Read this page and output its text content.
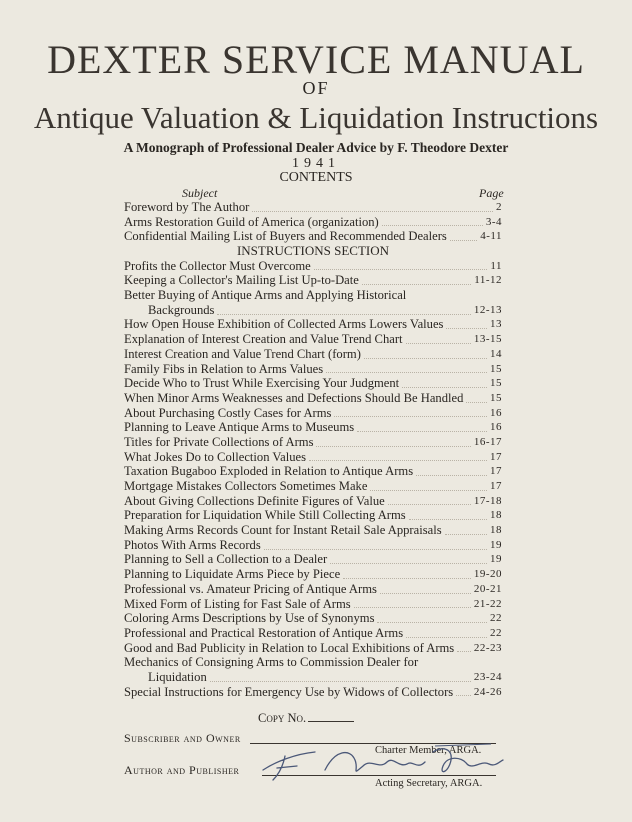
DEXTER SERVICE MANUAL
OF
Antique Valuation & Liquidation Instructions
A Monograph of Professional Dealer Advice by F. Theodore Dexter
1941
CONTENTS
Subject	Page
Foreword by The Author	2
Arms Restoration Guild of America (organization)	3-4
Confidential Mailing List of Buyers and Recommended Dealers	4-11
INSTRUCTIONS SECTION
Profits the Collector Must Overcome	11
Keeping a Collector's Mailing List Up-to-Date	11-12
Better Buying of Antique Arms and Applying Historical
Backgrounds	12-13
How Open House Exhibition of Collected Arms Lowers Values	13
Explanation of Interest Creation and Value Trend Chart	13-15
Interest Creation and Value Trend Chart (form)	14
Family Fibs in Relation to Arms Values	15
Decide Who to Trust While Exercising Your Judgment	15
When Minor Arms Weaknesses and Defections Should Be Handled 15
About Purchasing Costly Cases for Arms	16
Planning to Leave Antique Arms to Museums	16
Titles for Private Collections of Arms	16-17
What Jokes Do to Collection Values	17
Taxation Bugaboo Exploded in Relation to Antique Arms	17
Mortgage Mistakes Collectors Sometimes Make	17
About Giving Collections Definite Figures of Value	17-18
Preparation for Liquidation While Still Collecting Arms	18
Making Arms Records Count for Instant Retail Sale Appraisals	18
Photos With Arms Records	19
Planning to Sell a Collection to a Dealer	19
Planning to Liquidate Arms Piece by Piece	19-20
Professional vs. Amateur Pricing of Antique Arms	20-21
Mixed Form of Listing for Fast Sale of Arms	21-22
Coloring Arms Descriptions by Use of Synonyms	22
Professional and Practical Restoration of Antique Arms	22
Good and Bad Publicity in Relation to Local Exhibitions of Arms 22-23
Mechanics of Consigning Arms to Commission Dealer for
Liquidation	23-24
Special Instructions for Emergency Use by Widows of Collectors 24-26
Copy No.
Subscriber and Owner
Charter Member, ARGA.
Author and Publisher
Acting Secretary, ARGA.
